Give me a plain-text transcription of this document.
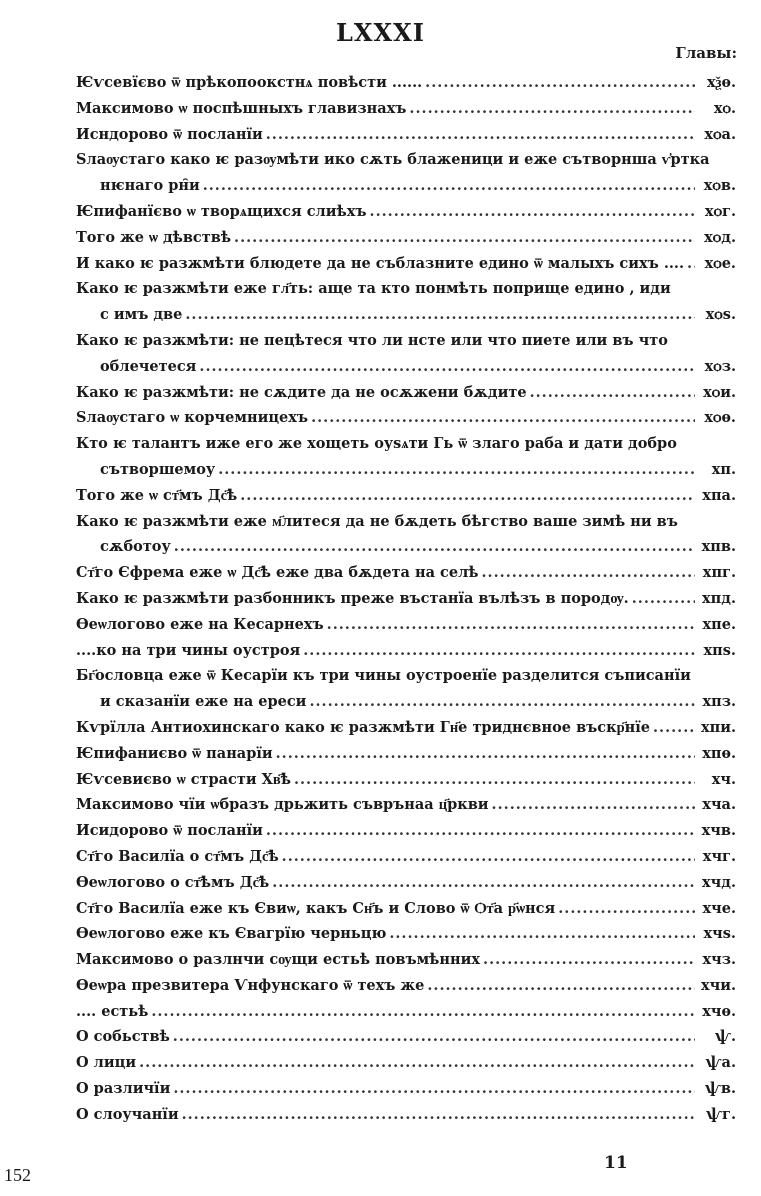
LXXXI
Главы:
Ѥѵсевїєво ѿ прѣкопоокстнѧ повѣсти ...... .....	хѯѳ.
Максимово ѡ поспѣшныхъ главизнахъ .....	хѻ.
Исндорово ѿ посланїи .....	хѻа.
Ѕлаѹстаго како ѥ разѹмѣти ико сѫть блаженици и еже сътворнша ѵ҆ртка
нѥнаго рн̑и .....	хѻв.
Ѥпифанїєво ѡ творѧщихся слиѣхъ .....	хѻг.
Того же ѡ дѣвствѣ .....	хѻд.
И како ѥ разжмѣти блюдете да не съблазните едино ѿ малыхъ сихъ .... .....	хѻе.
Како ѥ разжмѣти еже гл҃ть: аще та кто понмѣть поприще едино , иди
с имъ две .....	хѻѕ.
Како ѥ разжмѣти: не пецѣтеся что ли нсте или что пиете или въ что
облечетеся .....	хѻз.
Како ѥ разжмѣти: не сѫдите да не осѫжени бѫдите .....	хѻи.
Ѕлаѹстаго ѡ корчемницехъ .....	хѻѳ.
Кто ѥ талантъ иже его же хощеть оуѕѧти Гь ѿ злаго раба и дати добро
сътворшемоу .....	хп.
Того же ѡ ст҃мъ Дс҃ѣ .....	хпа.
Како ѥ разжмѣти еже м҃литеся да не бѫдеть бѣгство ваше зимѣ ни въ
сѫботоу .....	хпв.
Ст҃го Єфрема еже ѡ Дс҃ѣ еже два бѫдета на селѣ .....	хпг.
Како ѥ разжмѣти разбонникъ преже въстанїа вълѣзъ в породѹ. .....	хпд.
Ѳеѡлогово еже на Кесарнехъ .....	хпе.
....ко на три чины оустроя .....	хпѕ.
Бг҃ословца еже ѿ Кесарїи къ три чины оустроенїе разделится съписанїи
и сказанїи еже на ереси .....	хпз.
Кѵрїлла Антиохинскаго како ѥ разжмѣти Гн҃е триднєвное въскр҃нїе .....	хпи.
Ѥпифаниєво ѿ панарїи .....	хпѳ.
Ѥѵсевиєво ѡ страсти Хв҃ѣ .....	хч.
Максимово чїи ѡбразъ дрьжить съврънаа ц҃ркви .....	хча.
Исидорово ѿ посланїи .....	хчв.
Ст҃го Василїа о ст҃мъ Дс҃ѣ .....	хчг.
Ѳеѡлогово о ст҃ѣмъ Дс҃ѣ .....	хчд.
Ст҃го Василїа еже къ Євиѡ, какъ Сн҃ъ и Слово ѿ Ѻт҃а р҃ѡнся .....	хче.
Ѳеѡлогово еже къ Євагрїю черньцю .....	хчѕ.
Максимово о разлнчи сѹщи естьѣ повъмѣнних .....	хчз.
Ѳеѡра презвитера Ѵнфунскаго ѿ техъ же .....	хчи.
.... естьѣ .....	хчѳ.
О собьствѣ .....	ѱ.
О лици .....	ѱа.
О различїи .....	ѱв.
О слоучанїи .....	ѱг.
11
152
